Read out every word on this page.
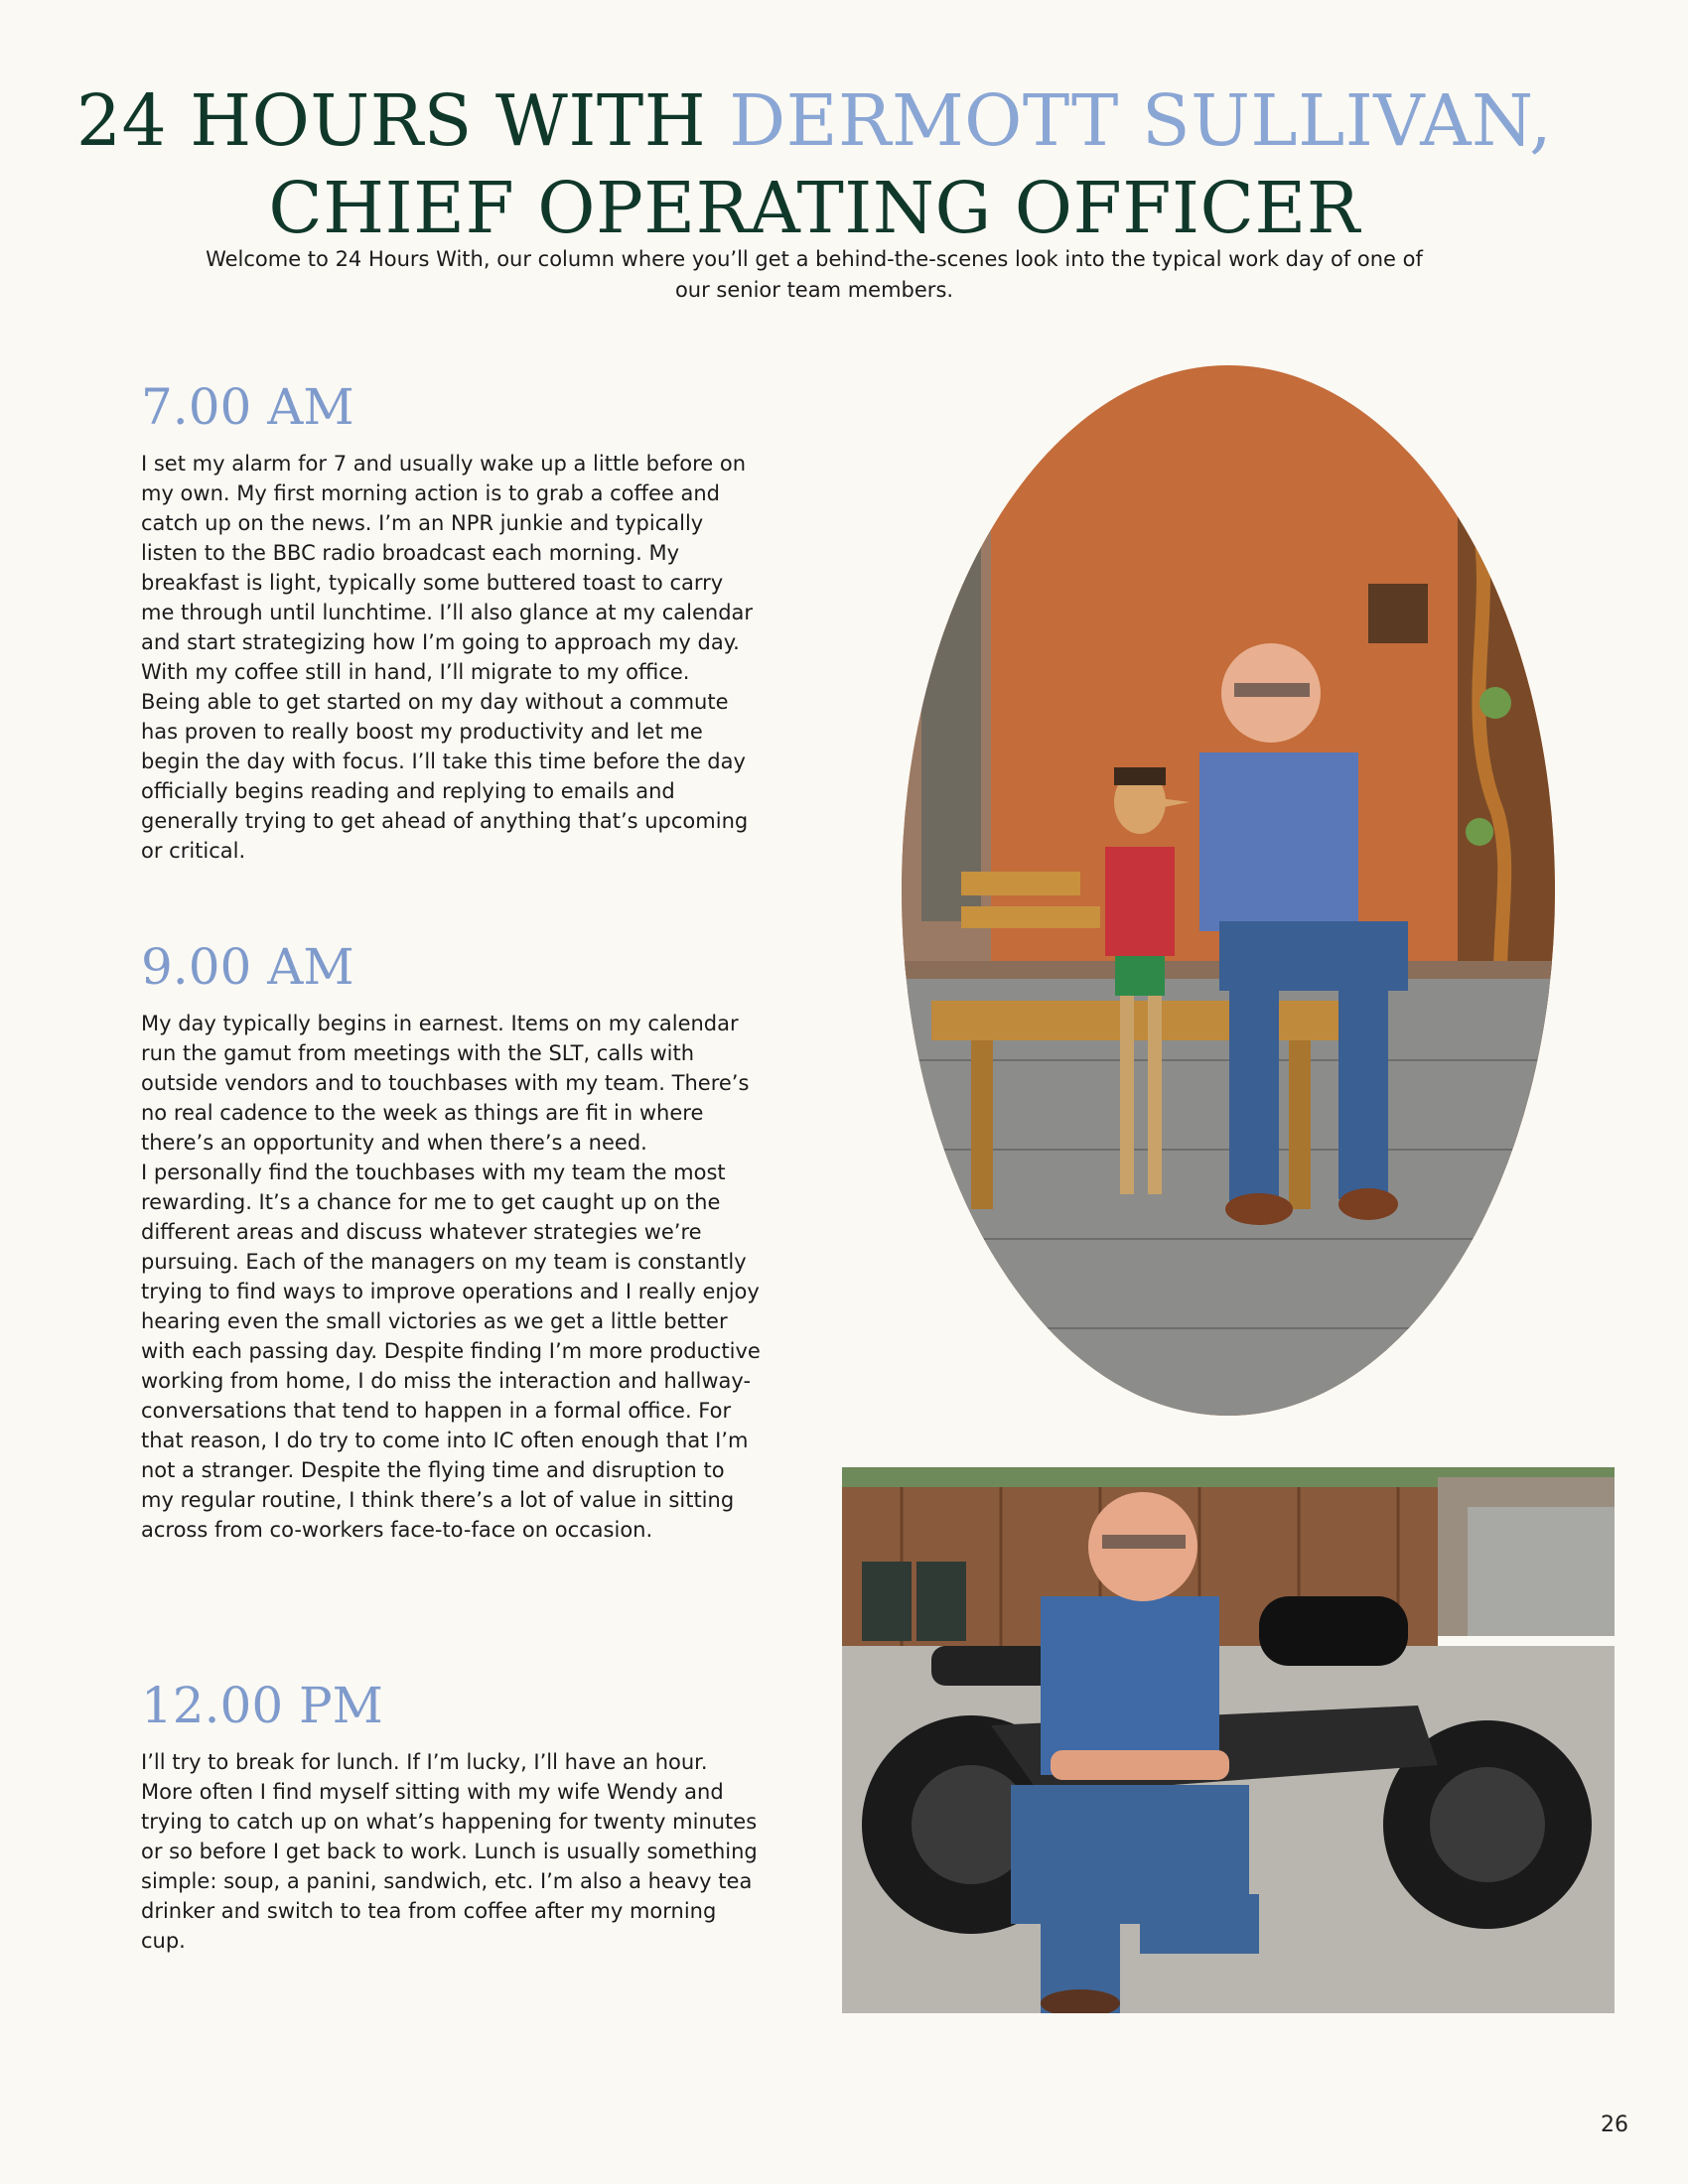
24 HOURS WITH DERMOTT SULLIVAN,
CHIEF OPERATING OFFICER

Welcome to 24 Hours With, our column where you’ll get a behind-the-scenes look into the typical work day of one of our senior team members.

7.00 AM

I set my alarm for 7 and usually wake up a little before on my own. My first morning action is to grab a coffee and catch up on the news. I’m an NPR junkie and typically listen to the BBC radio broadcast each morning. My breakfast is light, typically some buttered toast to carry me through until lunchtime. I’ll also glance at my calendar and start strategizing how I’m going to approach my day. With my coffee still in hand, I’ll migrate to my office.

Being able to get started on my day without a commute has proven to really boost my productivity and let me begin the day with focus. I’ll take this time before the day officially begins reading and replying to emails and generally trying to get ahead of anything that’s upcoming or critical.

9.00 AM

My day typically begins in earnest. Items on my calendar run the gamut from meetings with the SLT, calls with outside vendors and to touchbases with my team. There’s no real cadence to the week as things are fit in where there’s an opportunity and when there’s a need.

I personally find the touchbases with my team the most rewarding. It’s a chance for me to get caught up on the different areas and discuss whatever strategies we’re pursuing. Each of the managers on my team is constantly trying to find ways to improve operations and I really enjoy hearing even the small victories as we get a little better with each passing day. Despite finding I’m more productive working from home, I do miss the interaction and hallway-conversations that tend to happen in a formal office. For that reason, I do try to come into IC often enough that I’m not a stranger. Despite the flying time and disruption to my regular routine, I think there’s a lot of value in sitting across from co-workers face-to-face on occasion.

12.00 PM

I’ll try to break for lunch. If I’m lucky, I’ll have an hour. More often I find myself sitting with my wife Wendy and trying to catch up on what’s happening for twenty minutes or so before I get back to work. Lunch is usually something simple: soup, a panini, sandwich, etc. I’m also a heavy tea drinker and switch to tea from coffee after my morning cup.

26
